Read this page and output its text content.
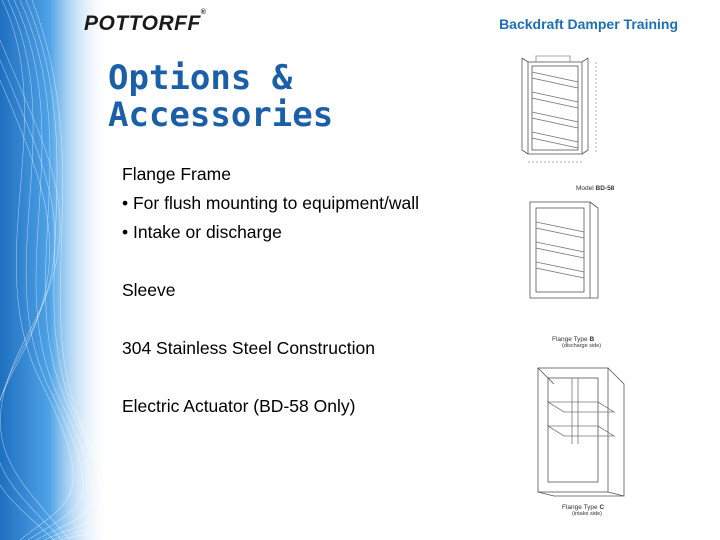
POTTORFF®
Backdraft Damper Training
Options &
Accessories
Flange Frame
• For flush mounting to equipment/wall
• Intake or discharge
Sleeve
304 Stainless Steel Construction
Electric Actuator (BD-58 Only)
Model BD-58
Flange Type B
(discharge side)
Flange Type C
(intake side)
